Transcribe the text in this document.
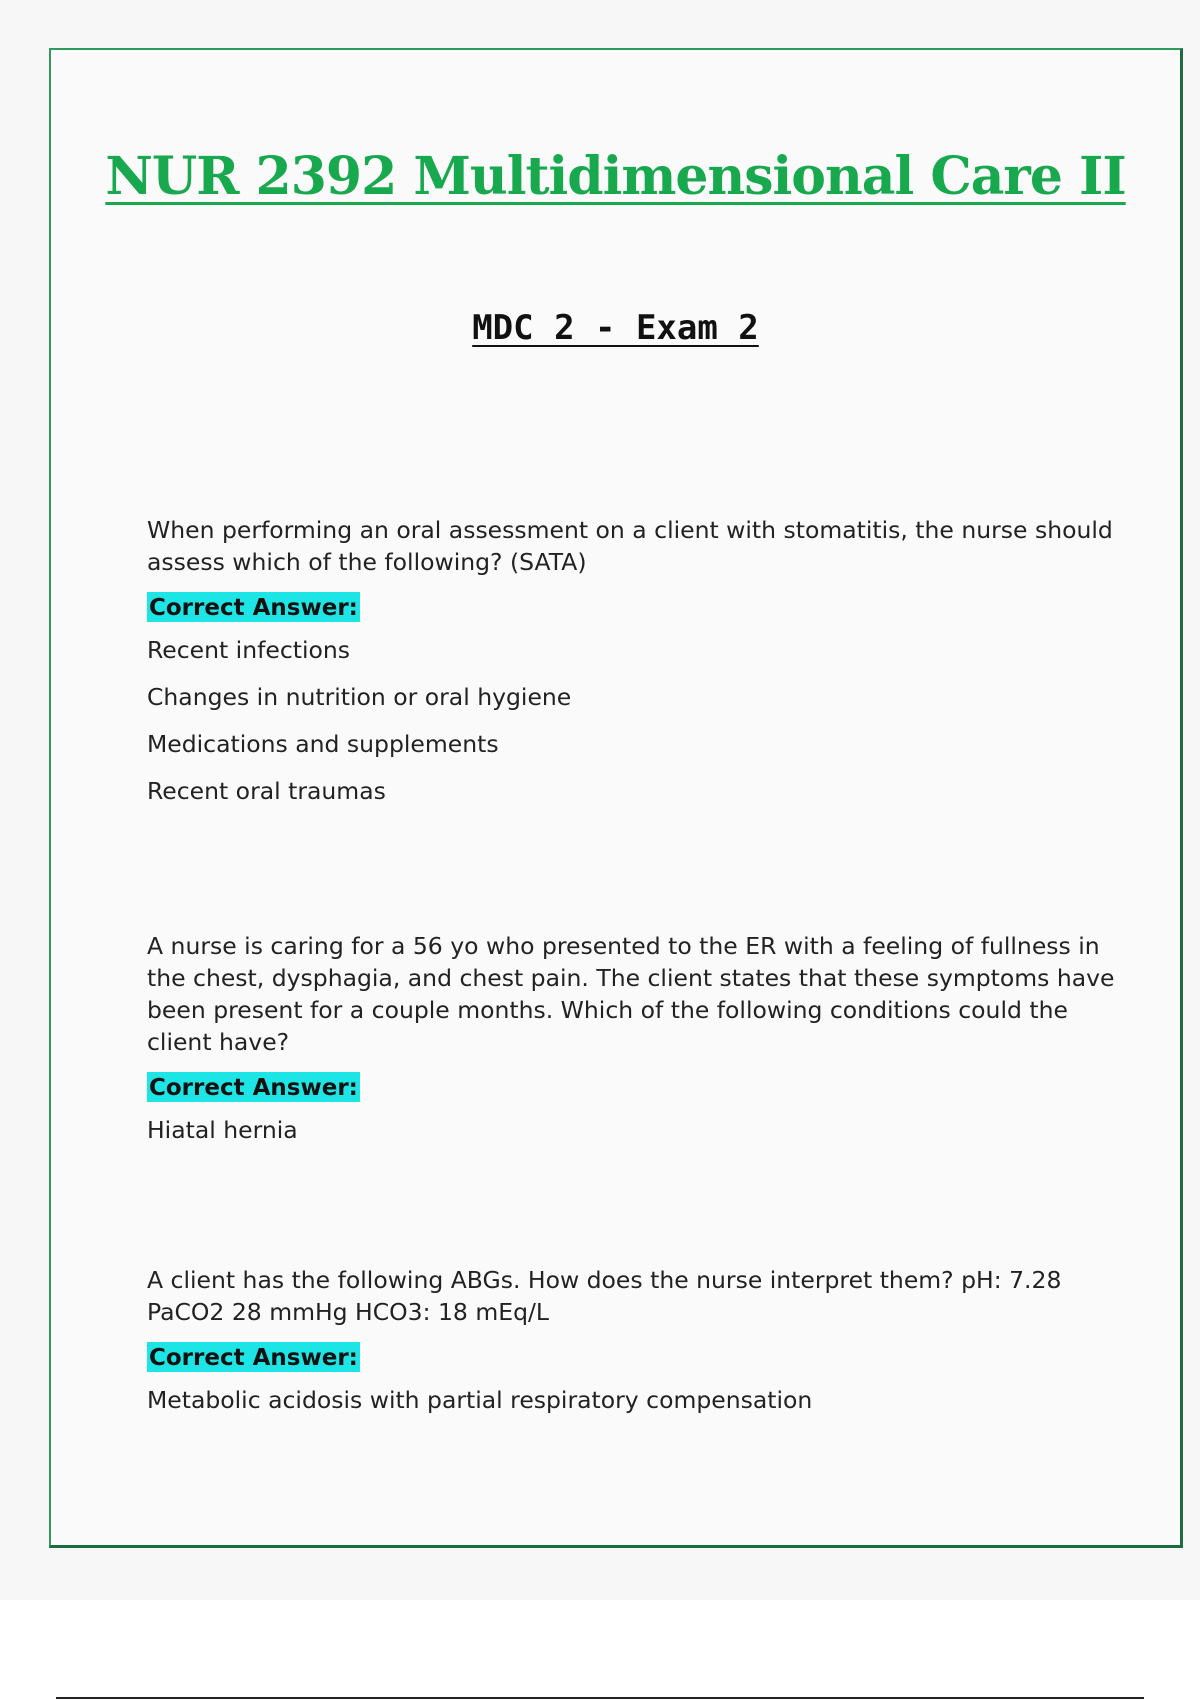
NUR 2392 Multidimensional Care II
MDC 2 - Exam 2

When performing an oral assessment on a client with stomatitis, the nurse should assess which of the following? (SATA)

Correct Answer:
Recent infections
Changes in nutrition or oral hygiene
Medications and supplements
Recent oral traumas

A nurse is caring for a 56 yo who presented to the ER with a feeling of fullness in the chest, dysphagia, and chest pain. The client states that these symptoms have been present for a couple months. Which of the following conditions could the client have?

Correct Answer:
Hiatal hernia

A client has the following ABGs. How does the nurse interpret them? pH: 7.28 PaCO2 28 mmHg HCO3: 18 mEq/L

Correct Answer:
Metabolic acidosis with partial respiratory compensation
